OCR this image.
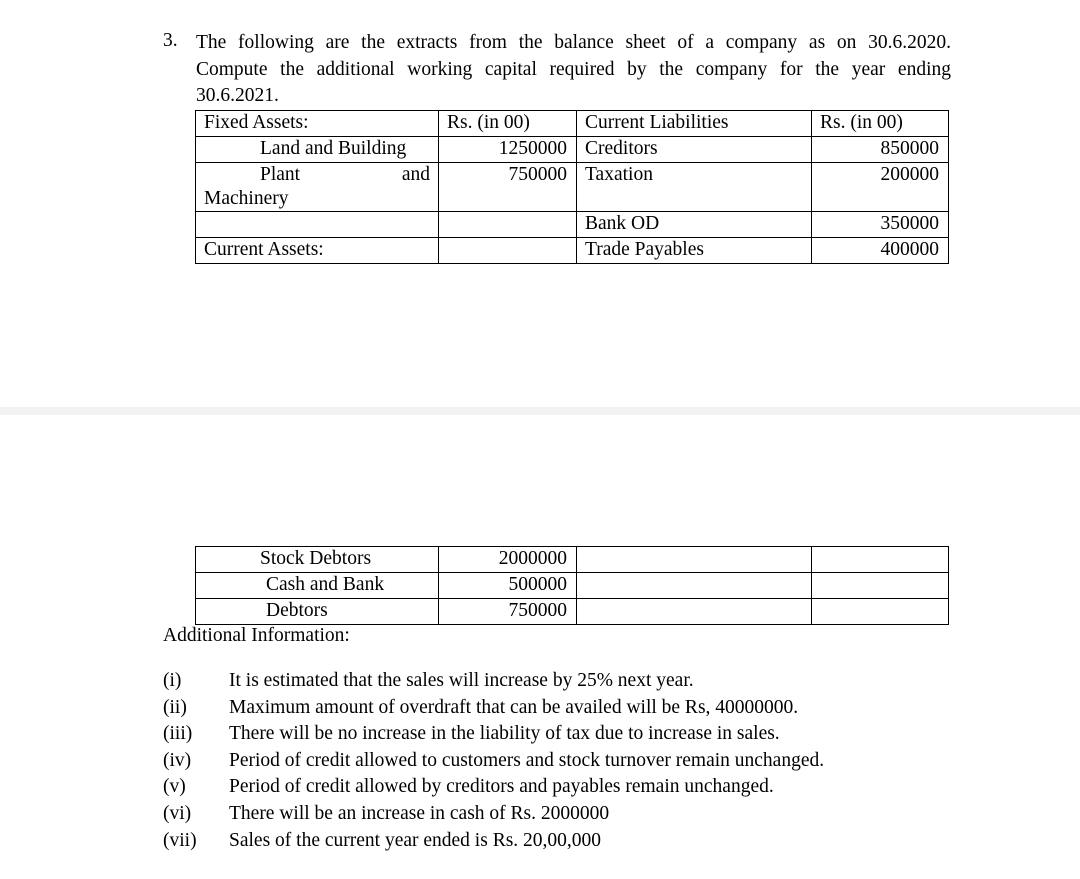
3. The following are the extracts from the balance sheet of a company as on 30.6.2020.
Compute the additional working capital required by the company for the year ending
30.6.2021.
Fixed Assets:	Rs. (in 00)	Current Liabilities	Rs. (in 00)
Land and Building	1250000	Creditors	850000

Plant and
Machinery	750000	Taxation	200000
		Bank OD	350000
Current Assets:		Trade Payables	400000
Stock Debtors	2000000		
Cash and Bank	500000		
Debtors	750000		
Additional Information:
(i)	It is estimated that the sales will increase by 25% next year.
(ii)	Maximum amount of overdraft that can be availed will be Rs, 40000000.
(iii)	There will be no increase in the liability of tax due to increase in sales.
(iv)	Period of credit allowed to customers and stock turnover remain unchanged.
(v)	Period of credit allowed by creditors and payables remain unchanged.
(vi)	There will be an increase in cash of Rs. 2000000
(vii)	Sales of the current year ended is Rs. 20,00,000
